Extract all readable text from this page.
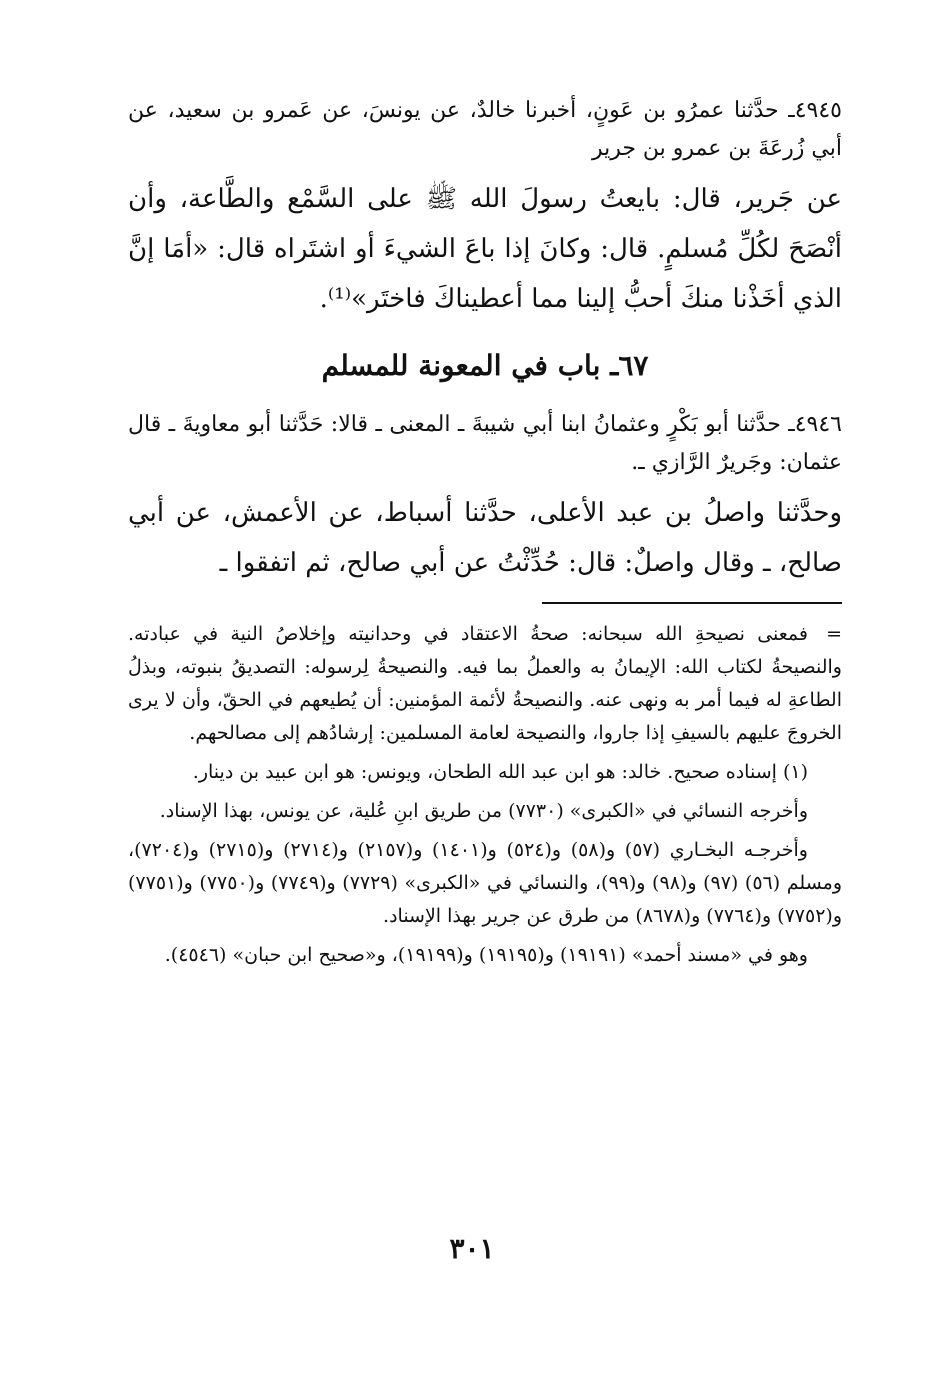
٤٩٤٥ـ حدَّثنا عمرُو بن عَونٍ، أخبرنا خالدٌ، عن يونسَ، عن عَمرو بن سعيد، عن أبي زُرعَةَ بن عمرو بن جرير

عن جَرير، قال: بايعتُ رسولَ الله ﷺ على السَّمْع والطَّاعة، وأن أنْصَحَ لكُلِّ مُسلمٍ. قال: وكانَ إذا باعَ الشيءَ أو اشتَراه قال: «أمَا إنَّ الذي أخَذْنا منكَ أحبُّ إلينا مما أعطيناكَ فاختَر»⁽¹⁾.

٦٧ـ باب في المعونة للمسلم

٤٩٤٦ـ حدَّثنا أبو بَكْرٍ وعثمانُ ابنا أبي شيبةَ ـ المعنى ـ قالا: حَدَّثنا أبو معاويةَ ـ قال عثمان: وجَريرٌ الرَّازي ـ.

وحدَّثنا واصلُ بن عبد الأعلى، حدَّثنا أسباط، عن الأعمش، عن أبي صالح، ـ وقال واصلٌ: قال: حُدِّثْتُ عن أبي صالح، ثم اتفقوا ـ

=فمعنى نصيحةِ الله سبحانه: صحةُ الاعتقاد في وحدانيته وإخلاصُ النية في عبادته. والنصيحةُ لكتاب الله: الإيمانُ به والعملُ بما فيه. والنصيحةُ لِرسوله: التصديقُ بنبوته، وبذلُ الطاعةِ له فيما أمر به ونهى عنه. والنصيحةُ لأئمة المؤمنين: أن يُطيعهم في الحقّ، وأن لا يرى الخروجَ عليهم بالسيفِ إذا جاروا، والنصيحة لعامة المسلمين: إرشادُهم إلى مصالحهم.

(١) إسناده صحيح. خالد: هو ابن عبد الله الطحان، ويونس: هو ابن عبيد بن دينار.

وأخرجه النسائي في «الكبرى» (٧٧٣٠) من طريق ابنِ عُلية، عن يونس، بهذا الإسناد.

وأخرجـه البخـاري (٥٧) و(٥٨) و(٥٢٤) و(١٤٠١) و(٢١٥٧) و(٢٧١٤) و(٢٧١٥) و(٧٢٠٤)، ومسلم (٥٦) (٩٧) و(٩٨) و(٩٩)، والنسائي في «الكبرى» (٧٧٢٩) و(٧٧٤٩) و(٧٧٥٠) و(٧٧٥١) و(٧٧٥٢) و(٧٧٦٤) و(٨٦٧٨) من طرق عن جرير بهذا الإسناد.

وهو في «مسند أحمد» (١٩١٩١) و(١٩١٩٥) و(١٩١٩٩)، و«صحيح ابن حبان» (٤٥٤٦).

٣٠١
